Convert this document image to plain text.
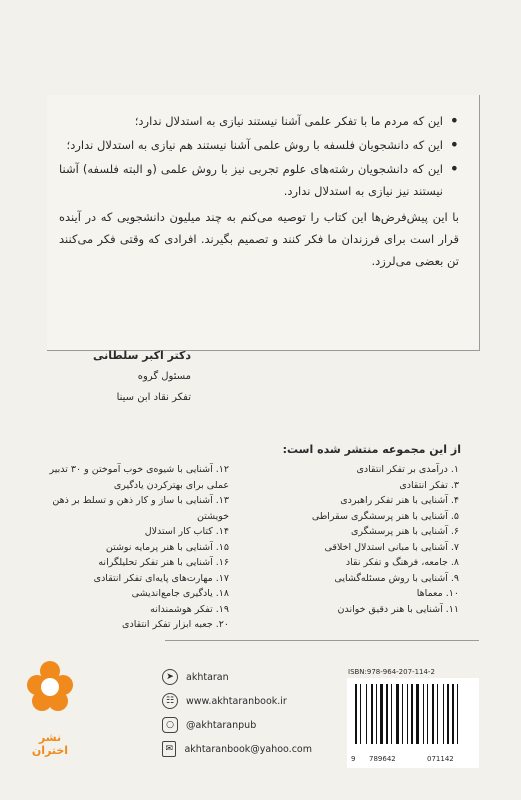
• این که مردم ما با تفکر علمی آشنا نیستند نیازی به استدلال ندارد؛
• این که دانشجویان فلسفه با روش علمی آشنا نیستند هم نیازی به استدلال ندارد؛
• این که دانشجویان رشته‌های علوم تجربی نیز با روش علمی (و البته فلسفه) آشنا نیستند نیز نیازی به استدلال ندارد.
با این پیش‌فرض‌ها این کتاب را توصیه می‌کنم به چند میلیون دانشجویی که در آینده قرار است برای فرزندان ما فکر کنند و تصمیم بگیرند. افرادی که وقتی فکر می‌کنند تن بعضی می‌لرزد.
دکتر اکبر سلطانی
مسئول گروه
تفکر نقاد ابن سینا
از این مجموعه منتشر شده است:
۱. درآمدی بر تفکر انتقادی
۳. تفکر انتقادی
۴. آشنایی با هنر تفکر راهبردی
۵. آشنایی با هنر پرسشگری سقراطی
۶. آشنایی با هنر پرسشگری
۷. آشنایی با مبانی استدلال اخلاقی
۸. جامعه، فرهنگ و تفکر نقاد
۹. آشنایی با روش مسئله‌گشایی
۱۰. معماها
۱۱. آشنایی با هنر دقیق خواندن
۱۲. آشنایی با شیوه‌ی خوب آموختن و ۳۰ تدبیر عملی برای بهترکردن یادگیری
۱۳. آشنایی با ساز و کار ذهن و تسلط بر ذهن خویشتن
۱۴. کتاب کار استدلال
۱۵. آشنایی با هنر پرمایه نوشتن
۱۶. آشنایی با هنر تفکر تحلیلگرانه
۱۷. مهارت‌های پایه‌ای تفکر انتقادی
۱۸. یادگیری جامع‌اندیشی
۱۹. تفکر هوشمندانه
۲۰. جعبه ابزار تفکر انتقادی
نشر اختران
➤	akhtaran
☷	www.akhtaranbook.ir
○	@akhtaranpub
✉	akhtaranbook@yahoo.com
ISBN:978-964-207-114-2
9 789642	071142
